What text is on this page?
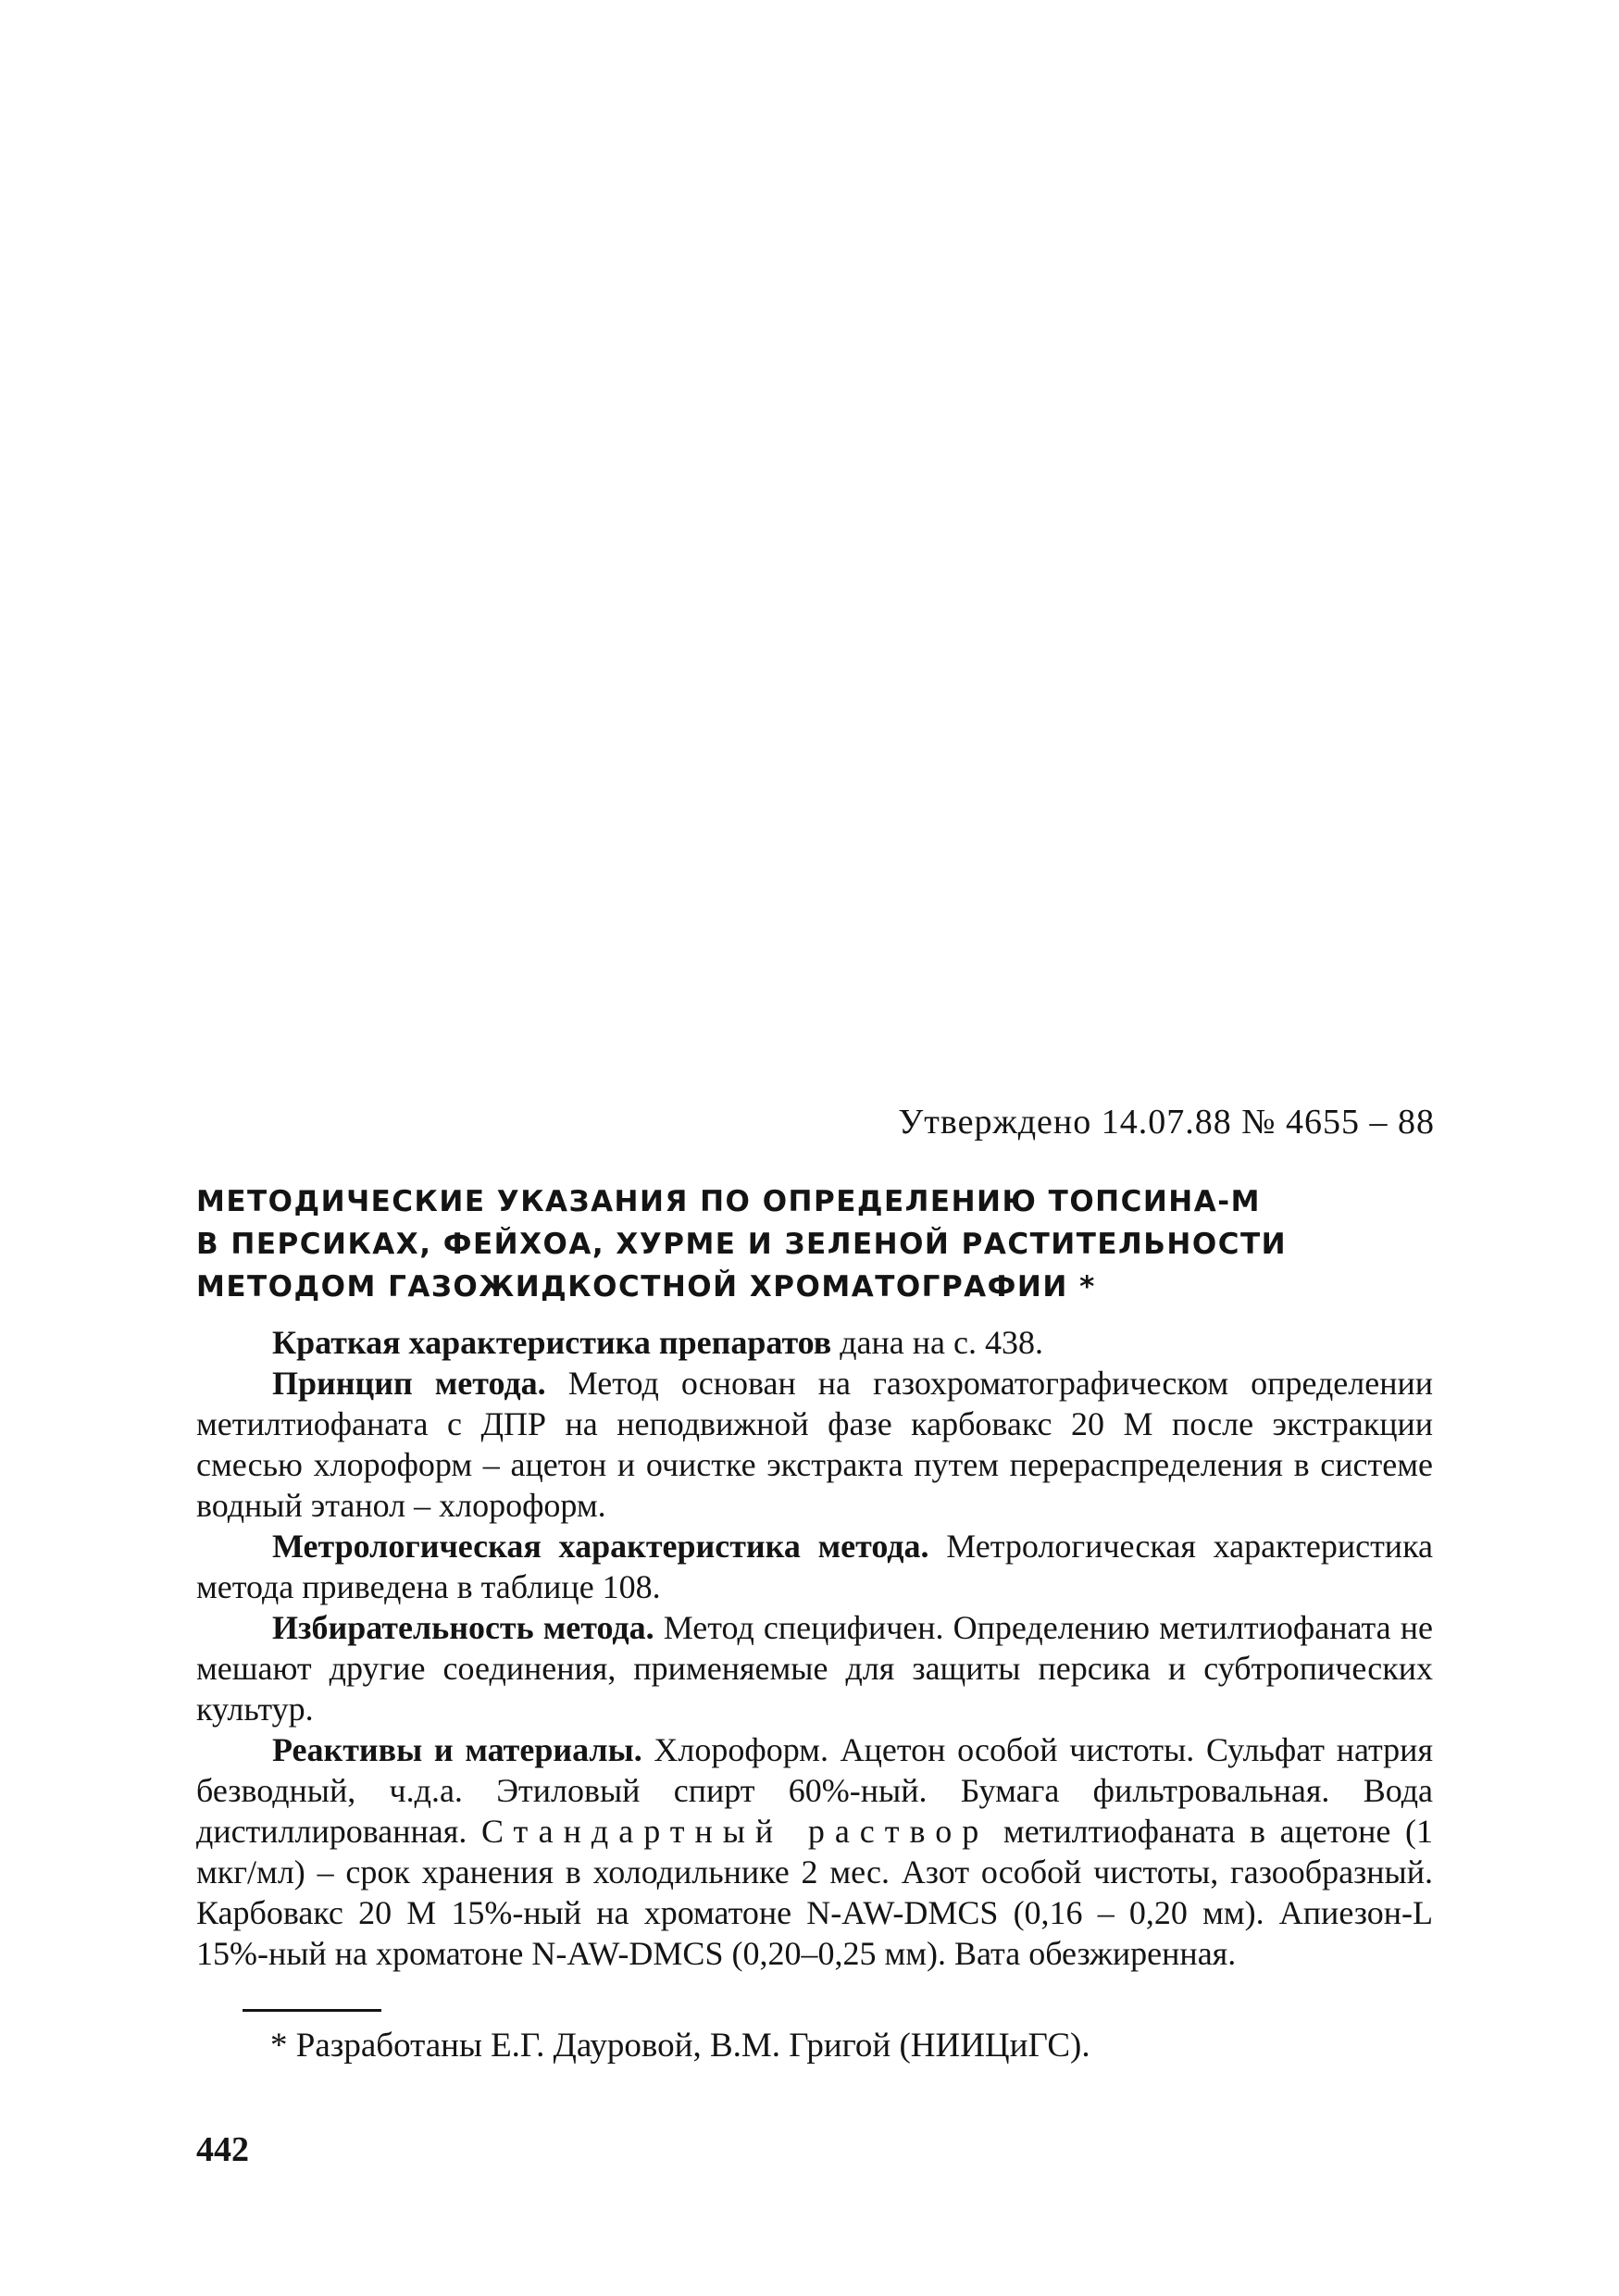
Утверждено 14.07.88 № 4655 – 88
МЕТОДИЧЕСКИЕ УКАЗАНИЯ ПО ОПРЕДЕЛЕНИЮ ТОПСИНА-М
В ПЕРСИКАХ, ФЕЙХОА, ХУРМЕ И ЗЕЛЕНОЙ РАСТИТЕЛЬНОСТИ
МЕТОДОМ ГАЗОЖИДКОСТНОЙ ХРОМАТОГРАФИИ *

Краткая характеристика препаратов дана на с. 438.

Принцип метода. Метод основан на газохроматографическом определении метилтиофаната с ДПР на неподвижной фазе карбовакс 20 М после экстракции смесью хлороформ – ацетон и очистке экстракта путем перераспределения в системе водный этанол – хлороформ.

Метрологическая характеристика метода. Метрологическая характеристика метода приведена в таблице 108.

Избирательность метода. Метод специфичен. Определению метилтиофаната не мешают другие соединения, применяемые для защиты персика и субтропических культур.

Реактивы и материалы. Хлороформ. Ацетон особой чистоты. Сульфат натрия безводный, ч.д.а. Этиловый спирт 60%-ный. Бумага фильтровальная. Вода дистиллированная. Стандартный раствор метилтиофаната в ацетоне (1 мкг/мл) – срок хранения в холодильнике 2 мес. Азот особой чистоты, газообразный. Карбовакс 20 М 15%-ный на хроматоне N-AW-DMCS (0,16 – 0,20 мм). Апиезон-L 15%-ный на хроматоне N-AW-DMCS (0,20–0,25 мм). Вата обезжиренная.

* Разработаны Е.Г. Дауровой, В.М. Григой (НИИЦиГС).
442
